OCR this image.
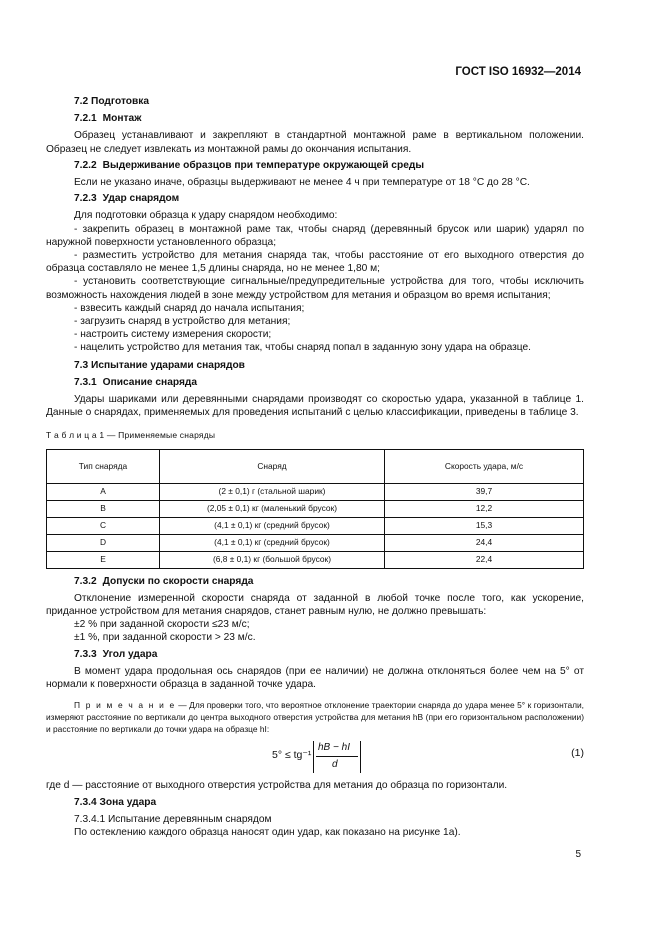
ГОСТ ISO 16932—2014
7.2 Подготовка
7.2.1 Монтаж

Образец устанавливают и закрепляют в стандартной монтажной раме в вертикальном положении. Образец не следует извлекать из монтажной рамы до окончания испытания.

7.2.2 Выдерживание образцов при температуре окружающей среды

Если не указано иначе, образцы выдерживают не менее 4 ч при температуре от 18 °С до 28 °С.

7.2.3 Удар снарядом

Для подготовки образца к удару снарядом необходимо:

- закрепить образец в монтажной раме так, чтобы снаряд (деревянный брусок или шарик) ударял по наружной поверхности установленного образца;
- разместить устройство для метания снаряда так, чтобы расстояние от его выходного отверстия до образца составляло не менее 1,5 длины снаряда, но не менее 1,80 м;
- установить соответствующие сигнальные/предупредительные устройства для того, чтобы исключить возможность нахождения людей в зоне между устройством для метания и образцом во время испытания;
- взвесить каждый снаряд до начала испытания;
- загрузить снаряд в устройство для метания;
- настроить систему измерения скорости;
- нацелить устройство для метания так, чтобы снаряд попал в заданную зону удара на образце.
7.3 Испытание ударами снарядов
7.3.1 Описание снаряда

Удары шариками или деревянными снарядами производят со скоростью удара, указанной в таблице 1. Данные о снарядах, применяемых для проведения испытаний с целью классификации, приведены в таблице 3.

Т а б л и ц а 1 — Применяемые снаряды
Тип снаряда	Снаряд	Скорость удара, м/с
A	(2 ± 0,1) г (стальной шарик)	39,7
B	(2,05 ± 0,1) кг (маленький брусок)	12,2
C	(4,1 ± 0,1) кг (средний брусок)	15,3
D	(4,1 ± 0,1) кг (средний брусок)	24,4
E	(6,8 ± 0,1) кг (большой брусок)	22,4
7.3.2 Допуски по скорости снаряда

Отклонение измеренной скорости снаряда от заданной в любой точке после того, как ускорение, приданное устройством для метания снарядов, станет равным нулю, не должно превышать:

±2 % при заданной скорости ≤23 м/с;
±1 %, при заданной скорости > 23 м/с.
7.3.3 Угол удара

В момент удара продольная ось снарядов (при ее наличии) не должна отклоняться более чем на 5° от нормали к поверхности образца в заданной точке удара.

П р и м е ч а н и е — Для проверки того, что вероятное отклонение траектории снаряда до удара менее 5° к горизонтали, измеряют расстояние по вертикали до центра выходного отверстия устройства для метания hB (при его горизонтальном расположении) и расстояние по вертикали до точки удара на образце hI:

5° ≤ tg⁻¹
hB − hI
d
(1)
где d — расстояние от выходного отверстия устройства для метания до образца по горизонтали.
7.3.4 Зона удара
7.3.4.1 Испытание деревянным снарядом

По остеклению каждого образца наносят один удар, как показано на рисунке 1а).

5
